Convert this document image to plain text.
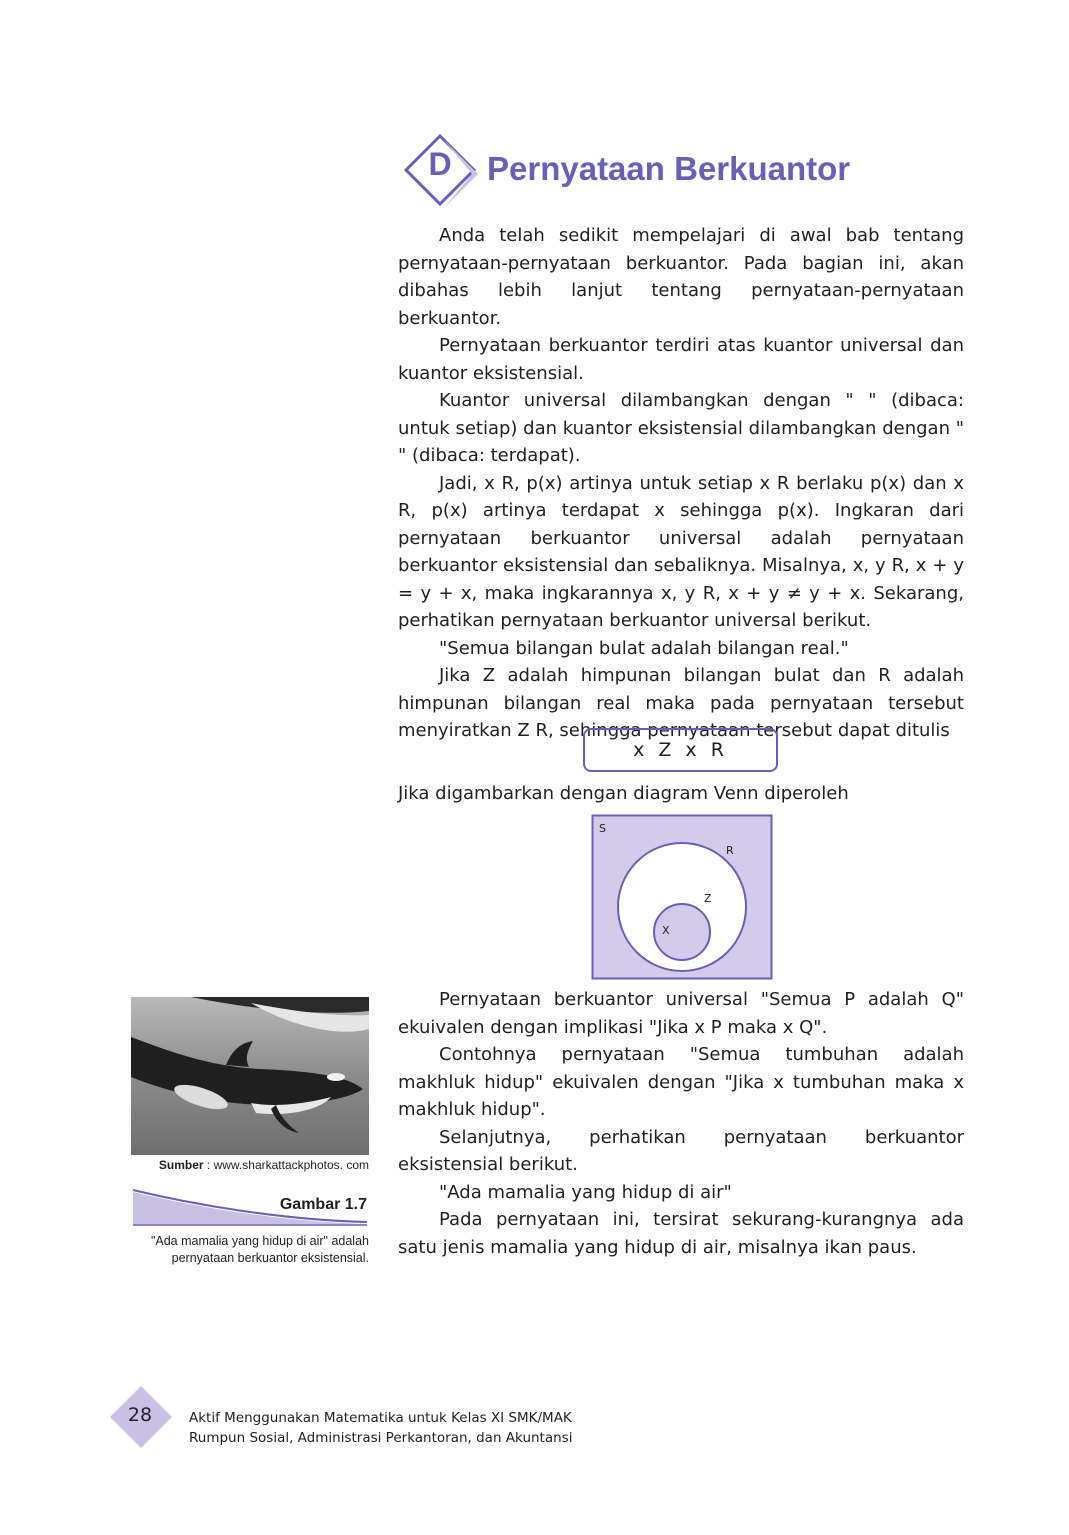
D	Pernyataan Berkuantor

Anda telah sedikit mempelajari di awal bab tentang pernyataan-pernyataan berkuantor. Pada bagian ini, akan dibahas lebih lanjut tentang pernyataan-pernyataan berkuantor.

Pernyataan berkuantor terdiri atas kuantor universal dan kuantor eksistensial.

Kuantor universal dilambangkan dengan " " (dibaca: untuk setiap) dan kuantor eksistensial dilambangkan dengan " " (dibaca: terdapat).

Jadi, x R, p(x) artinya untuk setiap x R berlaku p(x) dan x R, p(x) artinya terdapat x sehingga p(x). Ingkaran dari pernyataan berkuantor universal adalah pernyataan berkuantor eksistensial dan sebaliknya. Misalnya, x, y R, x + y = y + x, maka ingkarannya x, y R, x + y ≠ y + x. Sekarang, perhatikan pernyataan berkuantor universal berikut.

"Semua bilangan bulat adalah bilangan real."

Jika Z adalah himpunan bilangan bulat dan R adalah himpunan bilangan real maka pada pernyataan tersebut menyiratkan Z R, sehingga pernyataan tersebut dapat ditulis

x Z x R
Jika digambarkan dengan diagram Venn diperoleh
S
R
Z
X

Pernyataan berkuantor universal "Semua P adalah Q" ekuivalen dengan implikasi "Jika x P maka x Q".

Contohnya pernyataan "Semua tumbuhan adalah makhluk hidup" ekuivalen dengan "Jika x tumbuhan maka x makhluk hidup".

Selanjutnya, perhatikan pernyataan berkuantor eksistensial berikut.

"Ada mamalia yang hidup di air"

Pada pernyataan ini, tersirat sekurang-kurangnya ada satu jenis mamalia yang hidup di air, misalnya ikan paus.

Sumber : www.sharkattackphotos. com
Gambar 1.7
"Ada mamalia yang hidup di air" adalah pernyataan berkuantor eksistensial.
28	Aktif Menggunakan Matematika untuk Kelas XI SMK/MAK
Rumpun Sosial, Administrasi Perkantoran, dan Akuntansi
